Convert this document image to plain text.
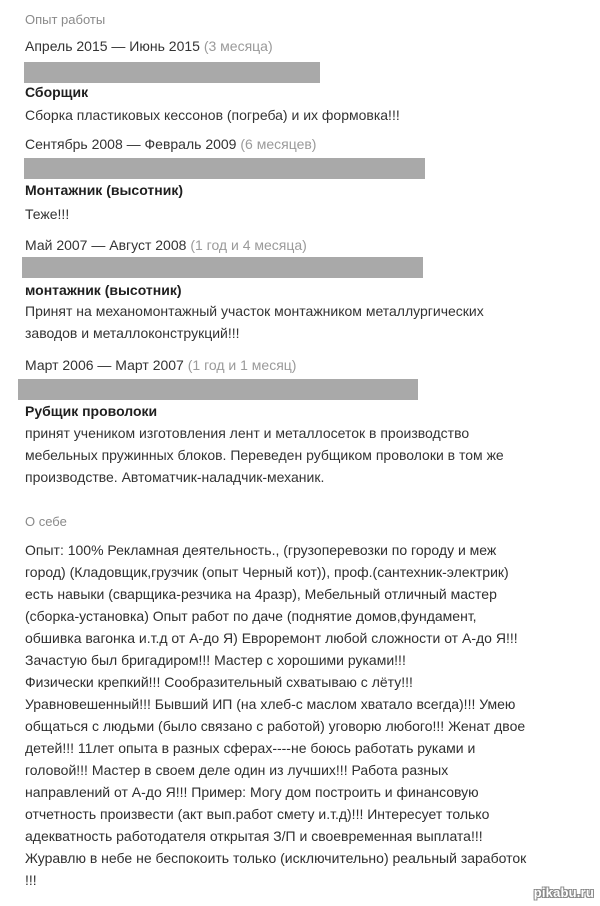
Опыт работы
Апрель 2015 — Июнь 2015 (3 месяца)
Сборщик
Сборка пластиковых кессонов (погреба) и их формовка!!!
Сентябрь 2008 — Февраль 2009 (6 месяцев)
Монтажник (высотник)
Теже!!!
Май 2007 — Август 2008 (1 год и 4 месяца)
монтажник (высотник)
Принят на механомонтажный участок монтажником металлургических
заводов и металлоконструкций!!!
Март 2006 — Март 2007 (1 год и 1 месяц)
Рубщик проволоки
принят учеником изготовления лент и металлосеток в производство
мебельных пружинных блоков. Переведен рубщиком проволоки в том же
производстве. Автоматчик-наладчик-механик.
О себе
Опыт: 100% Рекламная деятельность., (грузоперевозки по городу и меж
город) (Кладовщик,грузчик (опыт Черный кот)), проф.(сантехник-электрик)
есть навыки (сварщика-резчика на 4разр), Мебельный отличный мастер
(сборка-установка) Опыт работ по даче (поднятие домов,фундамент,
обшивка вагонка и.т.д от А-до Я) Евроремонт любой сложности от А-до Я!!!
Зачастую был бригадиром!!! Мастер с хорошими руками!!!
Физически крепкий!!! Сообразительный схватываю с лёту!!!
Уравновешенный!!! Бывший ИП (на хлеб-с маслом хватало всегда)!!! Умею
общаться с людьми (было связано с работой) уговорю любого!!! Женат двое
детей!!! 11лет опыта в разных сферах----не боюсь работать руками и
головой!!! Мастер в своем деле один из лучших!!! Работа разных
направлений от А-до Я!!! Пример: Могу дом построить и финансовую
отчетность произвести (акт вып.работ смету и.т.д)!!! Интересует только
адекватность работодателя открытая З/П и своевременная выплата!!!
Журавлю в небе не беспокоить только (исключительно) реальный заработок
!!!
pikabu.ru
